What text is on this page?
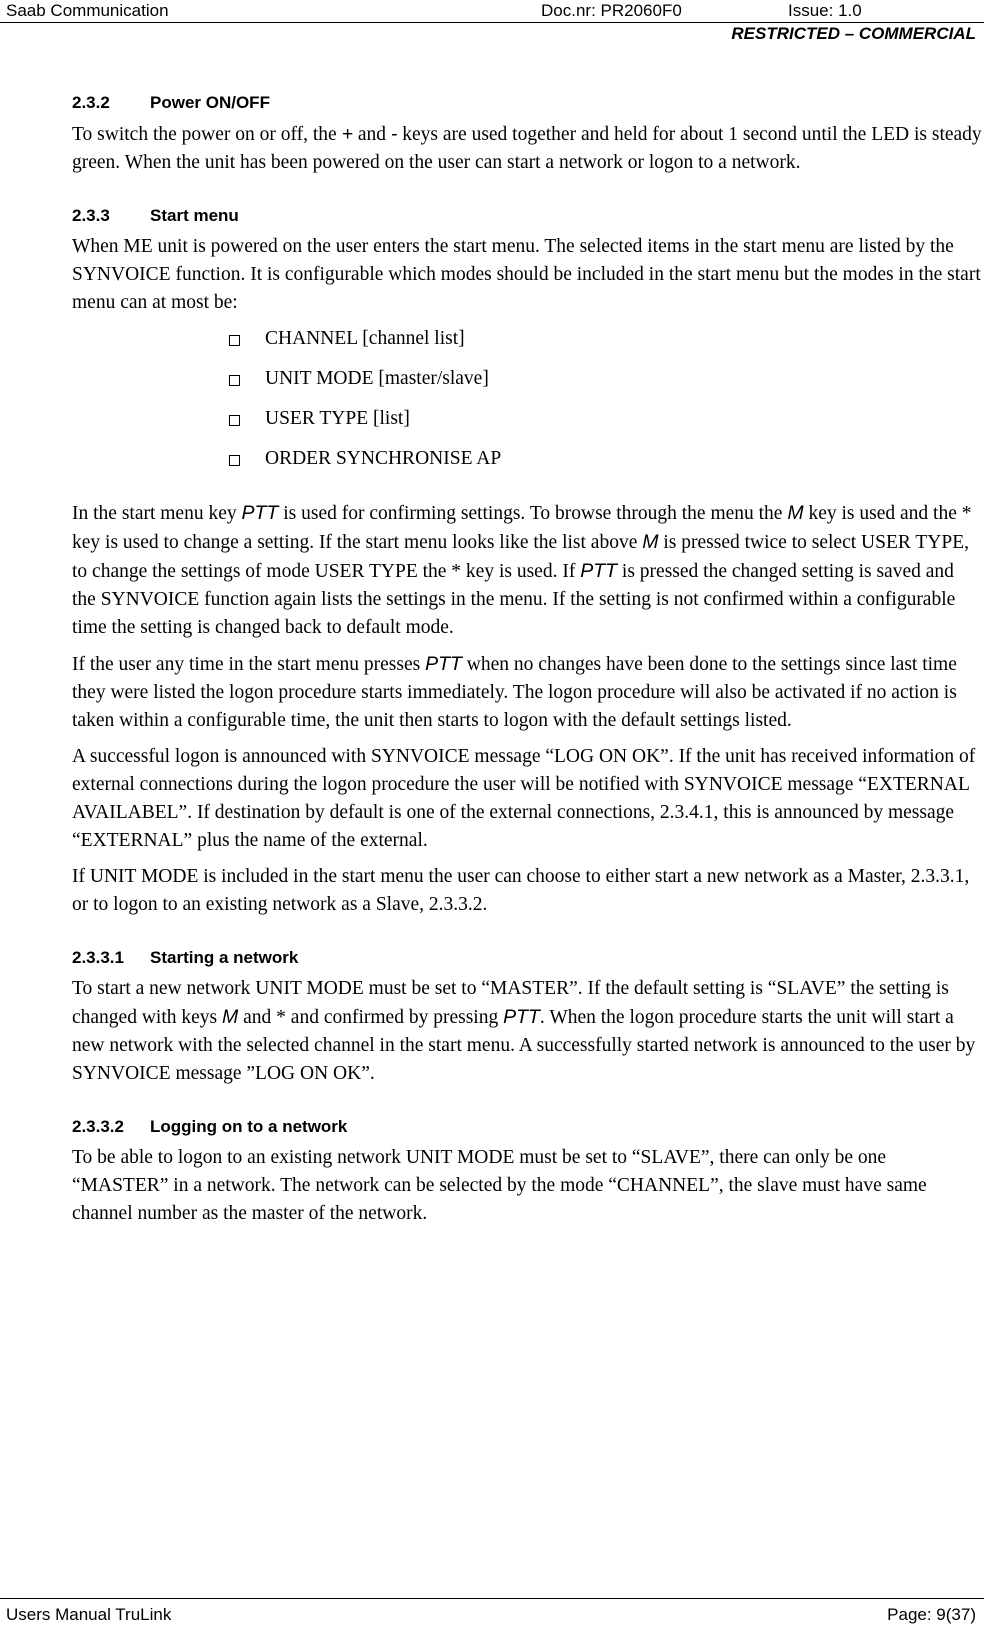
Saab Communication	Doc.nr: PR2060F0	Issue: 1.0
RESTRICTED – COMMERCIAL
2.3.2 Power ON/OFF

To switch the power on or off, the + and - keys are used together and held for about 1 second until the LED is steady green. When the unit has been powered on the user can start a network or logon to a network.

2.3.3 Start menu

When ME unit is powered on the user enters the start menu. The selected items in the start menu are listed by the SYNVOICE function. It is configurable which modes should be included in the start menu but the modes in the start menu can at most be:

CHANNEL [channel list]
UNIT MODE [master/slave]
USER TYPE [list]
ORDER SYNCHRONISE AP

In the start menu key PTT is used for confirming settings. To browse through the menu the M key is used and the * key is used to change a setting. If the start menu looks like the list above M is pressed twice to select USER TYPE, to change the settings of mode USER TYPE the * key is used. If PTT is pressed the changed setting is saved and the SYNVOICE function again lists the settings in the menu. If the setting is not confirmed within a configurable time the setting is changed back to default mode.

If the user any time in the start menu presses PTT when no changes have been done to the settings since last time they were listed the logon procedure starts immediately. The logon procedure will also be activated if no action is taken within a configurable time, the unit then starts to logon with the default settings listed.

A successful logon is announced with SYNVOICE message “LOG ON OK”. If the unit has received information of external connections during the logon procedure the user will be notified with SYNVOICE message “EXTERNAL AVAILABEL”. If destination by default is one of the external connections, 2.3.4.1, this is announced by message “EXTERNAL” plus the name of the external.

If UNIT MODE is included in the start menu the user can choose to either start a new network as a Master, 2.3.3.1, or to logon to an existing network as a Slave, 2.3.3.2.

2.3.3.1 Starting a network

To start a new network UNIT MODE must be set to “MASTER”. If the default setting is “SLAVE” the setting is changed with keys M and * and confirmed by pressing PTT. When the logon procedure starts the unit will start a new network with the selected channel in the start menu. A successfully started network is announced to the user by SYNVOICE message ”LOG ON OK”.

2.3.3.2 Logging on to a network

To be able to logon to an existing network UNIT MODE must be set to “SLAVE”, there can only be one “MASTER” in a network. The network can be selected by the mode “CHANNEL”, the slave must have same channel number as the master of the network.

Users Manual TruLink	Page: 9(37)
